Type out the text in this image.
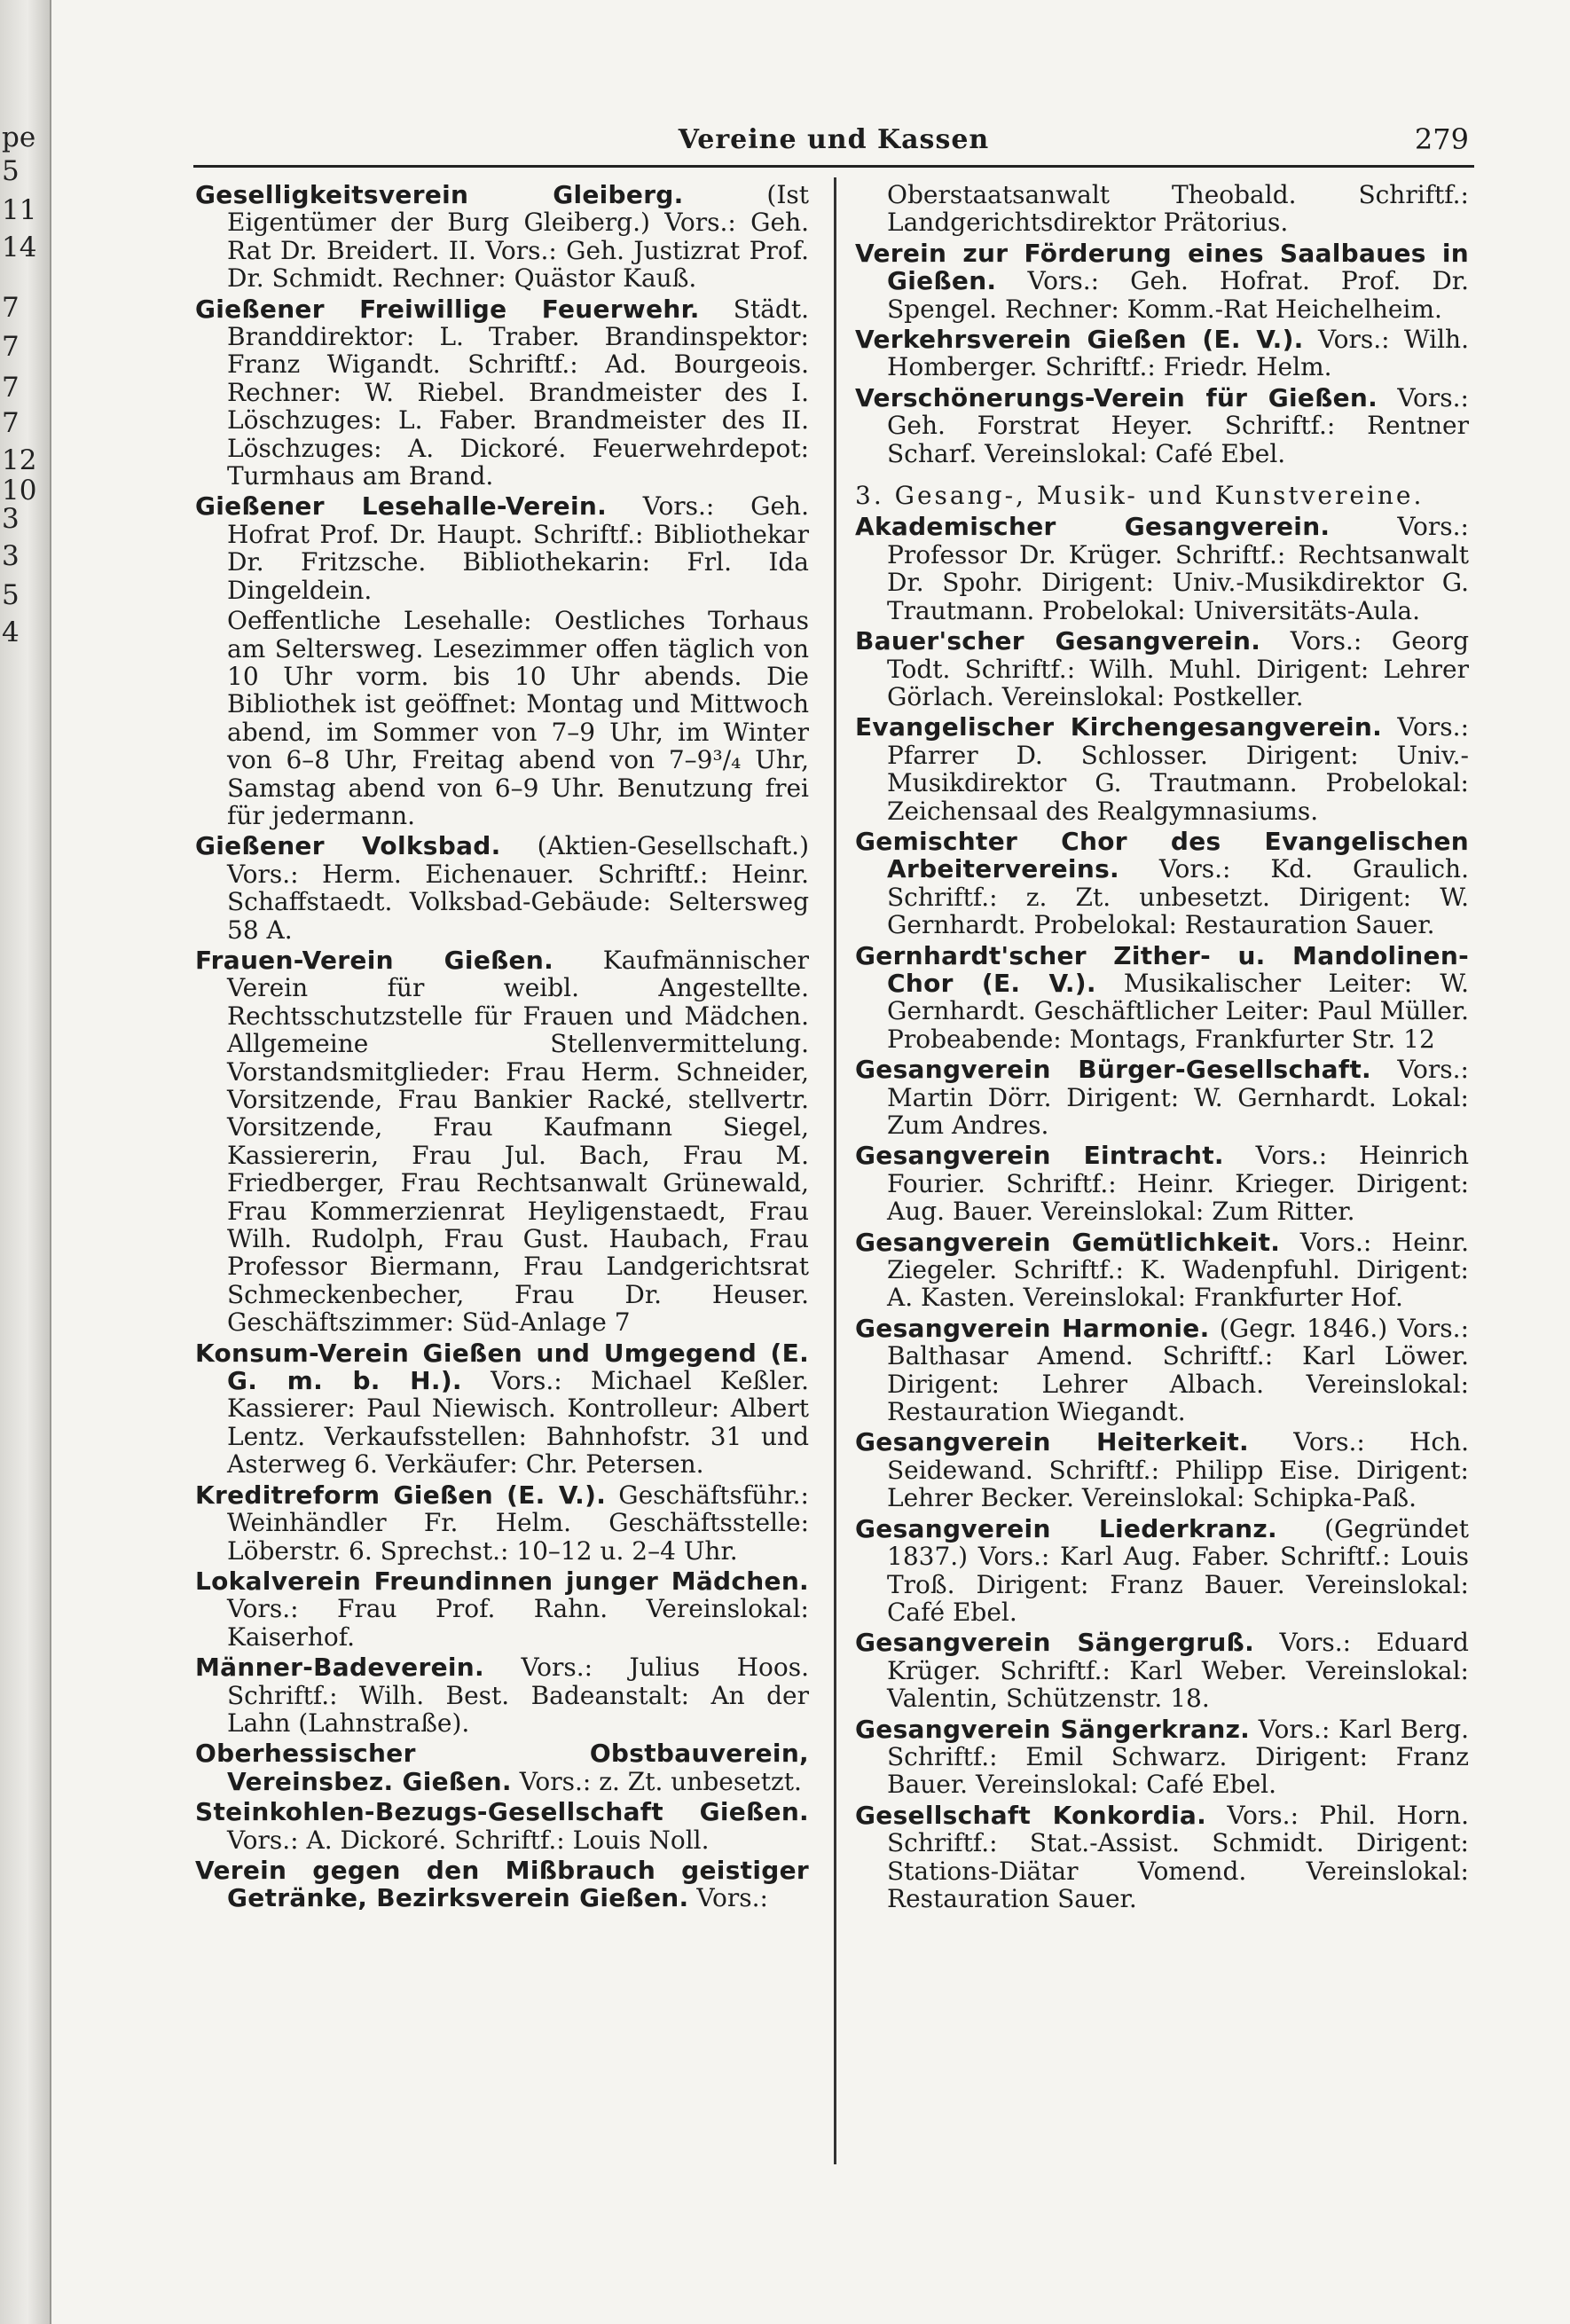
pe
5
11
14
7
7
7
7
12
10
3
3
5
4
Vereine und Kassen	279
Geselligkeitsverein Gleiberg.	(Ist Eigentümer der Burg Gleiberg.) Vors.: Geh. Rat Dr. Breidert. II. Vors.: Geh. Justizrat Prof. Dr. Schmidt. Rechner: Quästor Kauß.
Gießener Freiwillige Feuerwehr. Städt. Branddirektor: L. Traber. Brandinspektor: Franz Wigandt. Schriftf.: Ad. Bourgeois. Rechner: W. Riebel. Brandmeister des I. Löschzuges: L. Faber. Brandmeister des II. Löschzuges: A. Dickoré. Feuerwehrdepot: Turmhaus am Brand.
Gießener Lesehalle-Verein. Vors.: Geh. Hofrat Prof. Dr. Haupt. Schriftf.: Bibliothekar Dr. Fritzsche. Bibliothekarin: Frl. Ida Dingeldein.
Oeffentliche Lesehalle: Oestliches Torhaus am Seltersweg. Lesezimmer offen täglich von 10 Uhr vorm. bis 10 Uhr abends. Die Bibliothek ist geöffnet: Montag und Mittwoch abend, im Sommer von 7–9 Uhr, im Winter von 6–8 Uhr, Freitag abend von 7–9³/₄ Uhr, Samstag abend von 6–9 Uhr. Benutzung frei für jedermann.
Gießener Volksbad. (Aktien-Gesellschaft.) Vors.: Herm. Eichenauer. Schriftf.: Heinr. Schaffstaedt. Volksbad-Gebäude: Seltersweg 58 A.
Frauen-Verein Gießen. Kaufmännischer Verein für weibl. Angestellte. Rechtsschutzstelle für Frauen und Mädchen. Allgemeine Stellenvermittelung. Vorstandsmitglieder: Frau Herm. Schneider, Vorsitzende, Frau Bankier Racké, stellvertr. Vorsitzende, Frau Kaufmann Siegel, Kassiererin, Frau Jul. Bach, Frau M. Friedberger, Frau Rechtsanwalt Grünewald, Frau Kommerzienrat Heyligenstaedt, Frau Wilh. Rudolph, Frau Gust. Haubach, Frau Professor Biermann, Frau Landgerichtsrat Schmeckenbecher, Frau Dr. Heuser. Geschäftszimmer: Süd-Anlage 7
Konsum-Verein Gießen und Umgegend (E. G. m. b. H.). Vors.: Michael Keßler. Kassierer: Paul Niewisch. Kontrolleur: Albert Lentz. Verkaufsstellen: Bahnhofstr. 31 und Asterweg 6. Verkäufer: Chr. Petersen.
Kreditreform Gießen (E. V.). Geschäftsführ.: Weinhändler Fr. Helm. Geschäftsstelle: Löberstr. 6. Sprechst.: 10–12 u. 2–4 Uhr.
Lokalverein Freundinnen junger Mädchen. Vors.: Frau Prof. Rahn. Vereinslokal: Kaiserhof.
Männer-Badeverein. Vors.: Julius Hoos. Schriftf.: Wilh. Best. Badeanstalt: An der Lahn (Lahnstraße).
Oberhessischer Obstbauverein, Vereinsbez. Gießen. Vors.: z. Zt. unbesetzt.
Steinkohlen-Bezugs-Gesellschaft Gießen. Vors.: A. Dickoré. Schriftf.: Louis Noll.
Verein gegen den Mißbrauch geistiger Getränke, Bezirksverein Gießen. Vors.:
Oberstaatsanwalt Theobald. Schriftf.: Landgerichtsdirektor Prätorius.
Verein zur Förderung eines Saalbaues in Gießen. Vors.: Geh. Hofrat. Prof. Dr. Spengel. Rechner: Komm.-Rat Heichelheim.
Verkehrsverein Gießen (E. V.). Vors.: Wilh. Homberger. Schriftf.: Friedr. Helm.
Verschönerungs-Verein für Gießen. Vors.: Geh. Forstrat Heyer. Schriftf.: Rentner Scharf. Vereinslokal: Café Ebel.
3. Gesang-, Musik- und Kunstvereine.
Akademischer Gesangverein.	Vors.: Professor Dr. Krüger. Schriftf.: Rechtsanwalt Dr. Spohr. Dirigent: Univ.-Musikdirektor G. Trautmann. Probelokal: Universitäts-Aula.
Bauer'scher Gesangverein. Vors.: Georg Todt. Schriftf.: Wilh. Muhl. Dirigent: Lehrer Görlach. Vereinslokal: Postkeller.
Evangelischer Kirchengesangverein. Vors.: Pfarrer D. Schlosser. Dirigent: Univ.-Musikdirektor G. Trautmann. Probelokal: Zeichensaal des Realgymnasiums.
Gemischter Chor des Evangelischen Arbeitervereins. Vors.: Kd. Graulich. Schriftf.: z. Zt. unbesetzt. Dirigent: W. Gernhardt. Probelokal: Restauration Sauer.
Gernhardt'scher Zither- u. Mandolinen-Chor (E. V.). Musikalischer Leiter: W. Gernhardt. Geschäftlicher Leiter: Paul Müller. Probeabende: Montags, Frankfurter Str. 12
Gesangverein Bürger-Gesellschaft. Vors.: Martin Dörr. Dirigent: W. Gernhardt. Lokal: Zum Andres.
Gesangverein Eintracht. Vors.: Heinrich Fourier. Schriftf.: Heinr. Krieger. Dirigent: Aug. Bauer. Vereinslokal: Zum Ritter.
Gesangverein Gemütlichkeit. Vors.: Heinr. Ziegeler. Schriftf.: K. Wadenpfuhl. Dirigent: A. Kasten. Vereinslokal: Frankfurter Hof.
Gesangverein Harmonie. (Gegr. 1846.) Vors.: Balthasar Amend. Schriftf.: Karl Löwer. Dirigent: Lehrer Albach. Vereinslokal: Restauration Wiegandt.
Gesangverein Heiterkeit. Vors.: Hch. Seidewand. Schriftf.: Philipp Eise. Dirigent: Lehrer Becker. Vereinslokal: Schipka-Paß.
Gesangverein Liederkranz. (Gegründet 1837.) Vors.: Karl Aug. Faber. Schriftf.: Louis Troß. Dirigent: Franz Bauer. Vereinslokal: Café Ebel.
Gesangverein Sängergruß. Vors.: Eduard Krüger. Schriftf.: Karl Weber. Vereinslokal: Valentin, Schützenstr. 18.
Gesangverein Sängerkranz. Vors.: Karl Berg. Schriftf.: Emil Schwarz. Dirigent: Franz Bauer. Vereinslokal: Café Ebel.
Gesellschaft Konkordia. Vors.: Phil. Horn. Schriftf.: Stat.-Assist. Schmidt. Dirigent: Stations-Diätar Vomend. Vereinslokal: Restauration Sauer.
